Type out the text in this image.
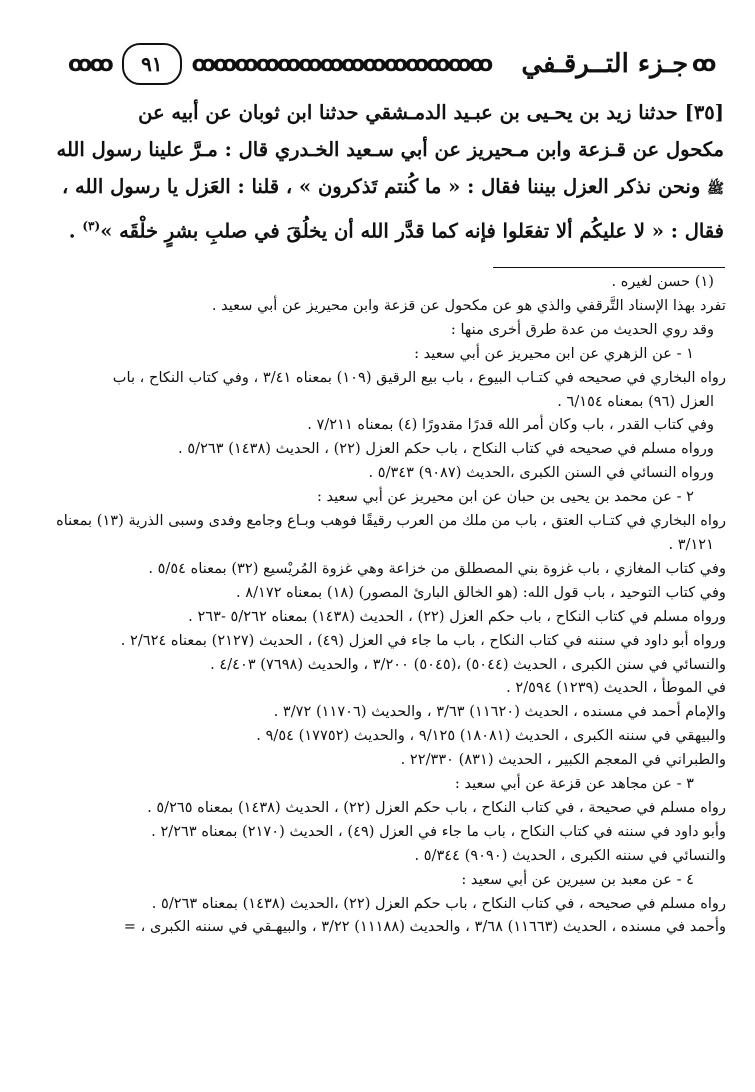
ꝏꝏ	٩١	ꝏꝏꝏꝏꝏꝏꝏꝏꝏꝏꝏꝏꝏꝏ	جـزء التــرقـفي ꝏ
[٣٥] حدثنا زيد بن يحـيى بن عبـيد الدمـشقي حدثنا ابن ثوبان عن أبيه عن
مكحول عن قـزعة وابن مـحيريز عن أبي سـعيد الخـدري قال : مـرَّ علينا رسول الله
ﷺ ونحن نذكر العزل بيننا فقال : « ما كُنتم تَذكرون » ، قلنا : العَزل يا رسول الله ،
فقال : « لا عليكُم ألا تفعَلوا فإنه كما قدَّر الله أن يخلُقَ في صلبِ بشرٍ خلْقَه »$^{(٣)}$ .
(١) حسن لغيره .
تفرد بهذا الإسناد التَّرقفي والذي هو عن مكحول عن قزعة وابن محيريز عن أبي سعيد .
وقد روي الحديث من عدة طرق أخرى منها :
١ - عن الزهري عن ابن محيريز عن أبي سعيد :
رواه البخاري في صحيحه في كتـاب البيوع ، باب بيع الرقيق (١٠٩) بمعناه ٣/٤١ ، وفي كتاب النكاح ، باب
العزل (٩٦) بمعناه ٦/١٥٤ .
وفي كتاب القدر ، باب وكان أمر الله قدرًا مقدورًا (٤) بمعناه ٧/٢١١ .
ورواه مسلم في صحيحه في كتاب النكاح ، باب حكم العزل (٢٢) ، الحديث (١٤٣٨) ٥/٢٦٣ .
ورواه النسائي في السنن الكبرى ،الحديث (٩٠٨٧) ٥/٣٤٣ .
٢ - عن محمد بن يحيى بن حبان عن ابن محيريز عن أبي سعيد :
رواه البخاري في كتـاب العتق ، باب من ملك من العرب رقيقًا فوهب وبـاع وجامع وفدى وسبى الذرية (١٣) بمعناه
٣/١٢١ .
وفي كتاب المغازي ، باب غزوة بني المصطلق من خزاعة وهي غزوة المُريْسيع (٣٢) بمعناه ٥/٥٤ .
وفي كتاب التوحيد ، باب قول الله: (هو الخالق البارئ المصور) (١٨) بمعناه ٨/١٧٢ .
ورواه مسلم في كتاب النكاح ، باب حكم العزل (٢٢) ، الحديث (١٤٣٨) بمعناه ٥/٢٦٢ -٢٦٣ .
ورواه أبو داود في سننه في كتاب النكاح ، باب ما جاء في العزل (٤٩) ، الحديث (٢١٢٧) بمعناه ٢/٦٢٤ .
والنسائي في سنن الكبرى ، الحديث (٥٠٤٤) ،(٥٠٤٥) ٣/٢٠٠ ، والحديث (٧٦٩٨) ٤/٤٠٣ .
في الموطأ ، الحديث (١٢٣٩) ٢/٥٩٤ .
والإمام أحمد في مسنده ، الحديث (١١٦٢٠) ٣/٦٣ ، والحديث (١١٧٠٦) ٣/٧٢ .
والبيهقي في سننه الكبرى ، الحديث (١٨٠٨١) ٩/١٢٥ ، والحديث (١٧٧٥٢) ٩/٥٤ .
والطبراني في المعجم الكبير ، الحديث (٨٣١) ٢٢/٣٣٠ .
٣ - عن مجاهد عن قزعة عن أبي سعيد :
رواه مسلم في صحيحة ، في كتاب النكاح ، باب حكم العزل (٢٢) ، الحديث (١٤٣٨) بمعناه ٥/٢٦٥ .
وأبو داود في سننه في كتاب النكاح ، باب ما جاء في العزل (٤٩) ، الحديث (٢١٧٠) بمعناه ٢/٢٦٣ .
والنسائي في سننه الكبرى ، الحديث (٩٠٩٠) ٥/٣٤٤ .
٤ - عن معبد بن سيرين عن أبي سعيد :
رواه مسلم في صحيحه ، في كتاب النكاح ، باب حكم العزل (٢٢) ،الحديث (١٤٣٨) بمعناه ٥/٢٦٣ .
وأحمد في مسنده ، الحديث (١١٦٦٣) ٣/٦٨ ، والحديث (١١١٨٨) ٣/٢٢ ، والبيهـقي في سننه الكبرى ، =
